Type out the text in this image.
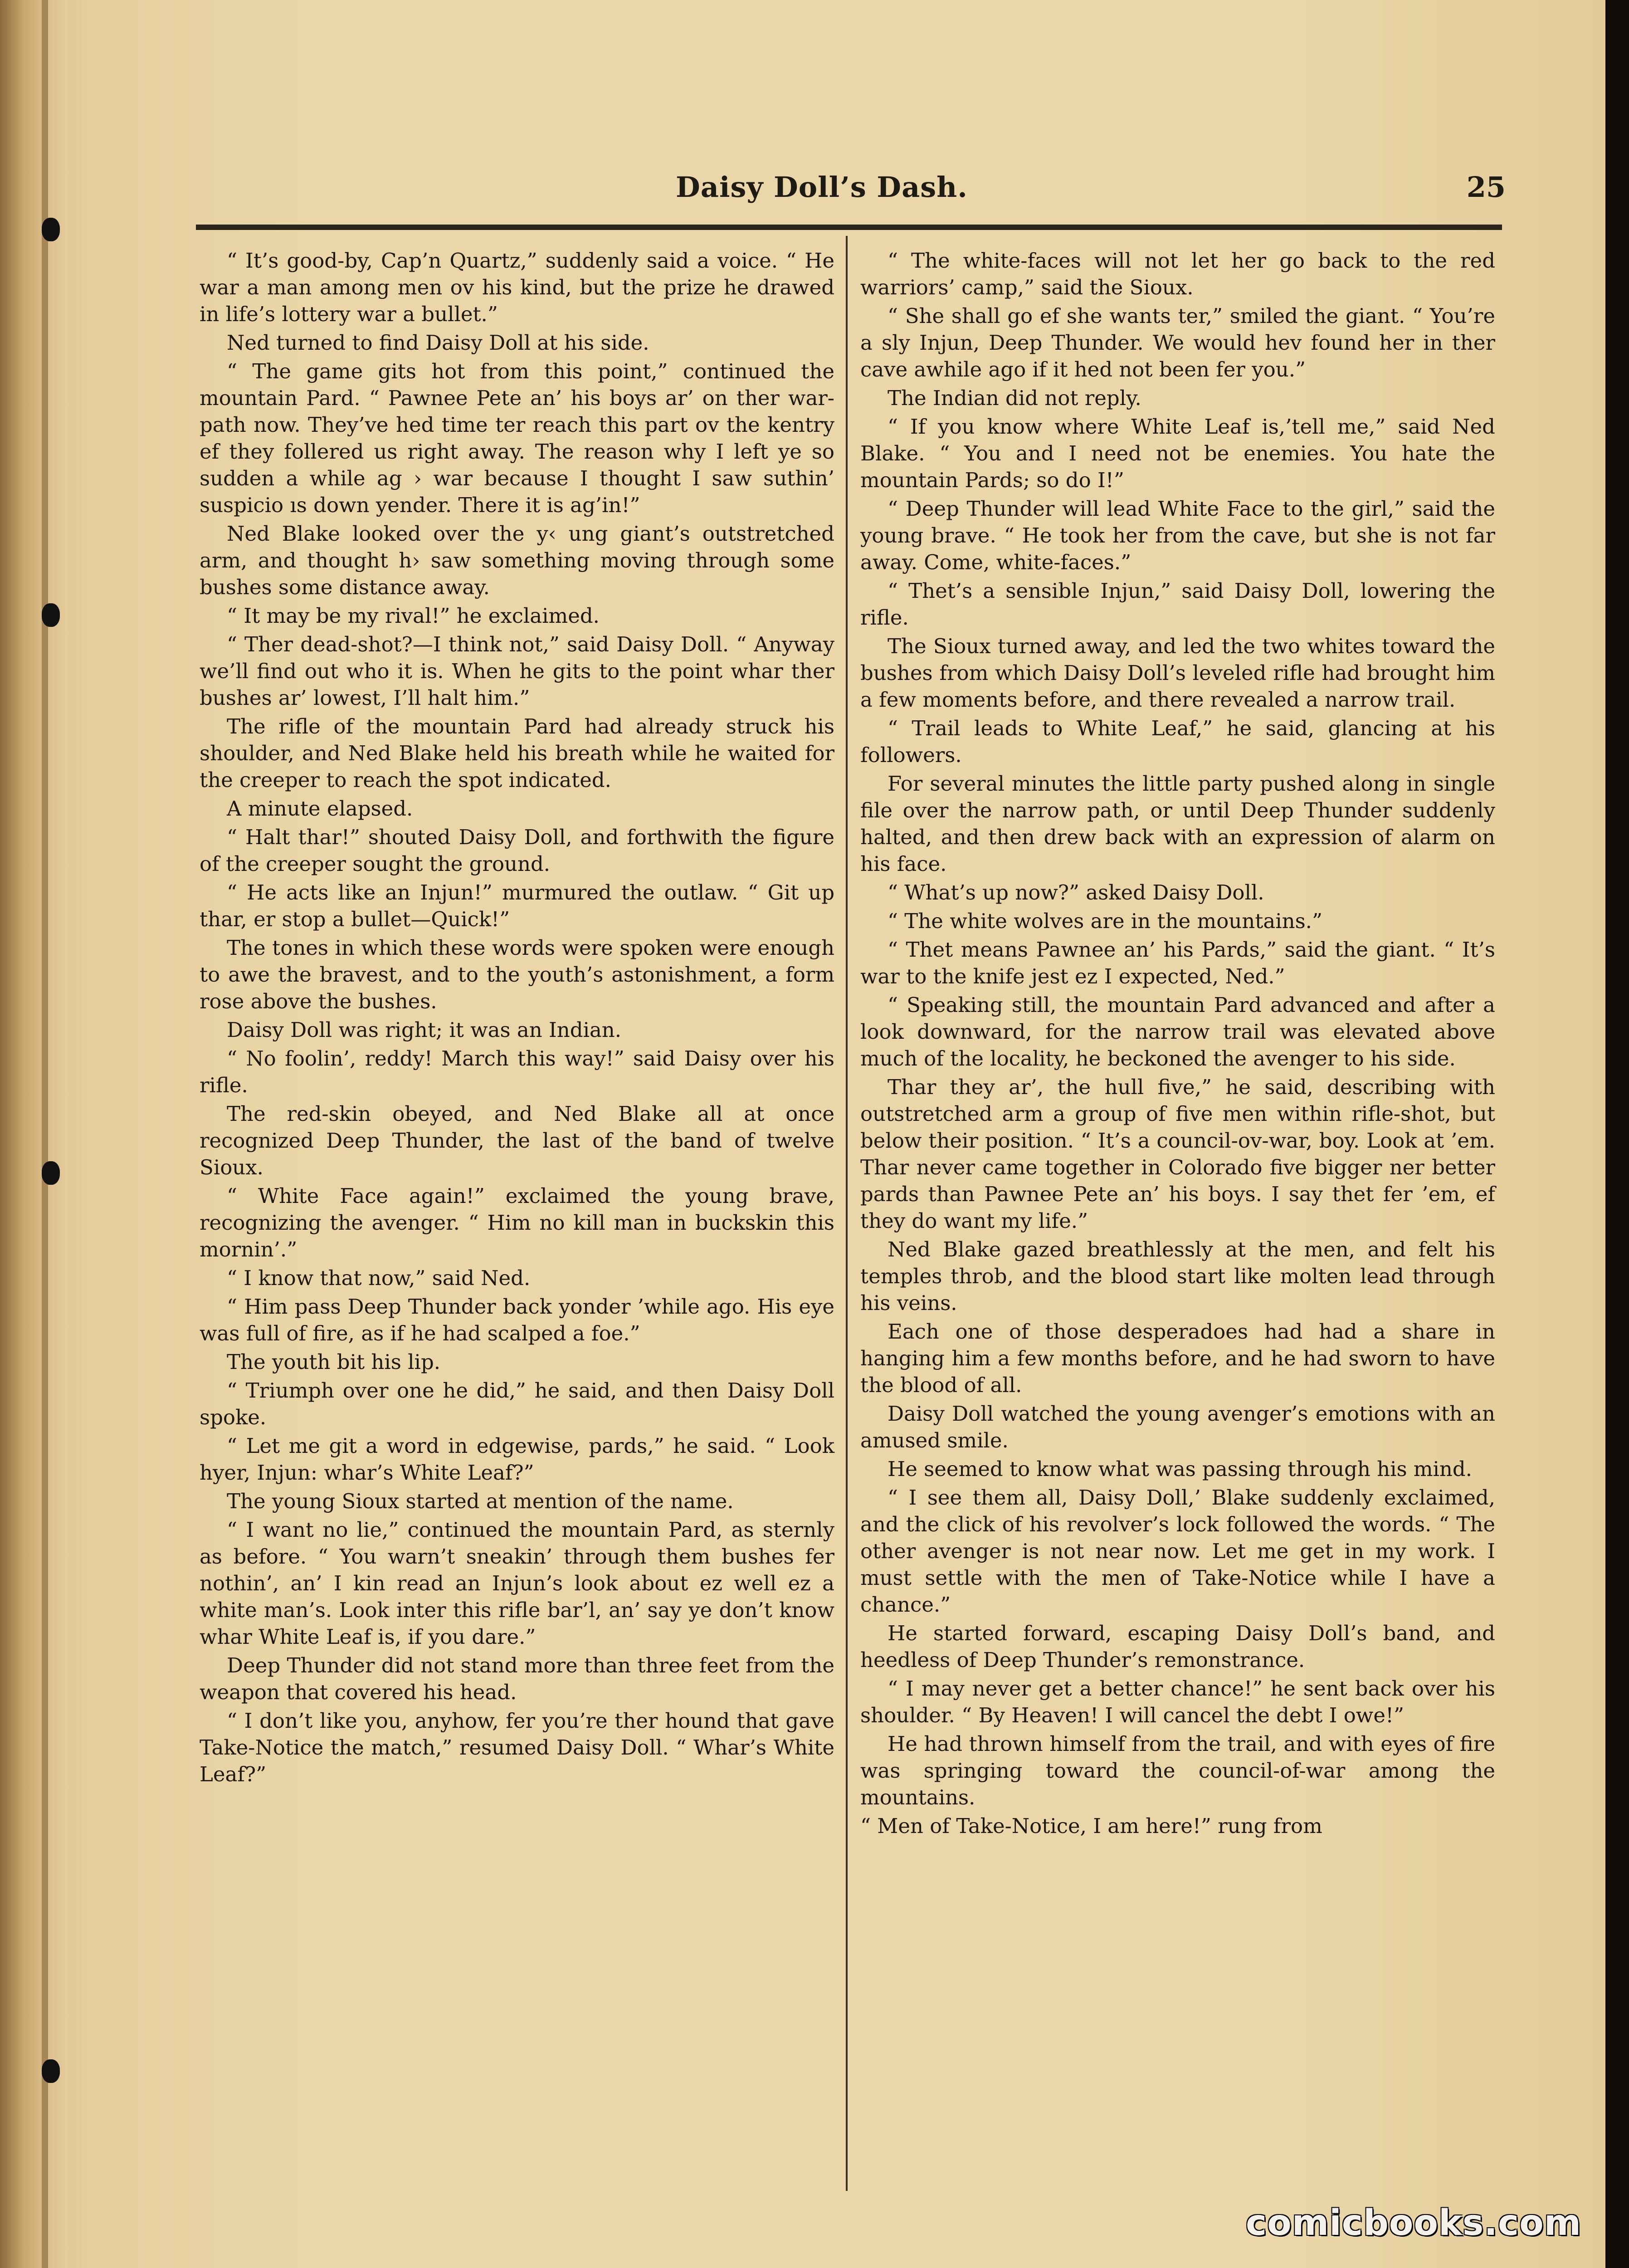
Daisy Doll’s Dash.	25

“ It’s good-by, Cap’n Quartz,” suddenly said a voice. “ He war a man among men ov his kind, but the prize he drawed in life’s lottery war a bullet.”

Ned turned to find Daisy Doll at his side.

“ The game gits hot from this point,” continued the mountain Pard. “ Pawnee Pete an’ his boys ar’ on ther war-path now. They’ve hed time ter reach this part ov the kentry ef they follered us right away. The reason why I left ye so sudden a while ag › war because I thought I saw suthin’ suspicio ıs down yender. There it is ag’in!”

Ned Blake looked over the y‹ ung giant’s outstretched arm, and thought h› saw something moving through some bushes some distance away.

“ It may be my rival!” he exclaimed.

“ Ther dead-shot?—I think not,” said Daisy Doll. “ Anyway we’ll find out who it is. When he gits to the point whar ther bushes ar’ lowest, I’ll halt him.”

The rifle of the mountain Pard had already struck his shoulder, and Ned Blake held his breath while he waited for the creeper to reach the spot indicated.

A minute elapsed.

“ Halt thar!” shouted Daisy Doll, and forthwith the figure of the creeper sought the ground.

“ He acts like an Injun!” murmured the outlaw. “ Git up thar, er stop a bullet—Quick!”

The tones in which these words were spoken were enough to awe the bravest, and to the youth’s astonishment, a form rose above the bushes.

Daisy Doll was right; it was an Indian.

“ No foolin’, reddy! March this way!” said Daisy over his rifle.

The red-skin obeyed, and Ned Blake all at once recognized Deep Thunder, the last of the band of twelve Sioux.

“ White Face again!” exclaimed the young brave, recognizing the avenger. “ Him no kill man in buckskin this mornin’.”

“ I know that now,” said Ned.

“ Him pass Deep Thunder back yonder ’while ago. His eye was full of fire, as if he had scalped a foe.”

The youth bit his lip.

“ Triumph over one he did,” he said, and then Daisy Doll spoke.

“ Let me git a word in edgewise, pards,” he said. “ Look hyer, Injun: whar’s White Leaf?”

The young Sioux started at mention of the name.

“ I want no lie,” continued the mountain Pard, as sternly as before. “ You warn’t sneakin’ through them bushes fer nothin’, an’ I kin read an Injun’s look about ez well ez a white man’s. Look inter this rifle bar’l, an’ say ye don’t know whar White Leaf is, if you dare.”

Deep Thunder did not stand more than three feet from the weapon that covered his head.

“ I don’t like you, anyhow, fer you’re ther hound that gave Take-Notice the match,” resumed Daisy Doll. “ Whar’s White Leaf?”

“ The white-faces will not let her go back to the red warriors’ camp,” said the Sioux.

“ She shall go ef she wants ter,” smiled the giant. “ You’re a sly Injun, Deep Thunder. We would hev found her in ther cave awhile ago if it hed not been fer you.”

The Indian did not reply.

“ If you know where White Leaf is,’tell me,” said Ned Blake. “ You and I need not be enemies. You hate the mountain Pards; so do I!”

“ Deep Thunder will lead White Face to the girl,” said the young brave. “ He took her from the cave, but she is not far away. Come, white-faces.”

“ Thet’s a sensible Injun,” said Daisy Doll, lowering the rifle.

The Sioux turned away, and led the two whites toward the bushes from which Daisy Doll’s leveled rifle had brought him a few moments before, and there revealed a narrow trail.

“ Trail leads to White Leaf,” he said, glancing at his followers.

For several minutes the little party pushed along in single file over the narrow path, or until Deep Thunder suddenly halted, and then drew back with an expression of alarm on his face.

“ What’s up now?” asked Daisy Doll.

“ The white wolves are in the mountains.”

“ Thet means Pawnee an’ his Pards,” said the giant. “ It’s war to the knife jest ez I expected, Ned.”

“ Speaking still, the mountain Pard advanced and after a look downward, for the narrow trail was elevated above much of the locality, he beckoned the avenger to his side.

Thar they ar’, the hull five,” he said, describing with outstretched arm a group of five men within rifle-shot, but below their position. “ It’s a council-ov-war, boy. Look at ’em. Thar never came together in Colorado five bigger ner better pards than Pawnee Pete an’ his boys. I say thet fer ’em, ef they do want my life.”

Ned Blake gazed breathlessly at the men, and felt his temples throb, and the blood start like molten lead through his veins.

Each one of those desperadoes had had a share in hanging him a few months before, and he had sworn to have the blood of all.

Daisy Doll watched the young avenger’s emotions with an amused smile.

He seemed to know what was passing through his mind.

“ I see them all, Daisy Doll,’ Blake suddenly exclaimed, and the click of his revolver’s lock followed the words. “ The other avenger is not near now. Let me get in my work. I must settle with the men of Take-Notice while I have a chance.”

He started forward, escaping Daisy Doll’s band, and heedless of Deep Thunder’s remonstrance.

“ I may never get a better chance!” he sent back over his shoulder. “ By Heaven! I will cancel the debt I owe!”

He had thrown himself from the trail, and with eyes of fire was springing toward the council-of-war among the mountains.

“ Men of Take-Notice, I am here!” rung from

comicbooks.com
